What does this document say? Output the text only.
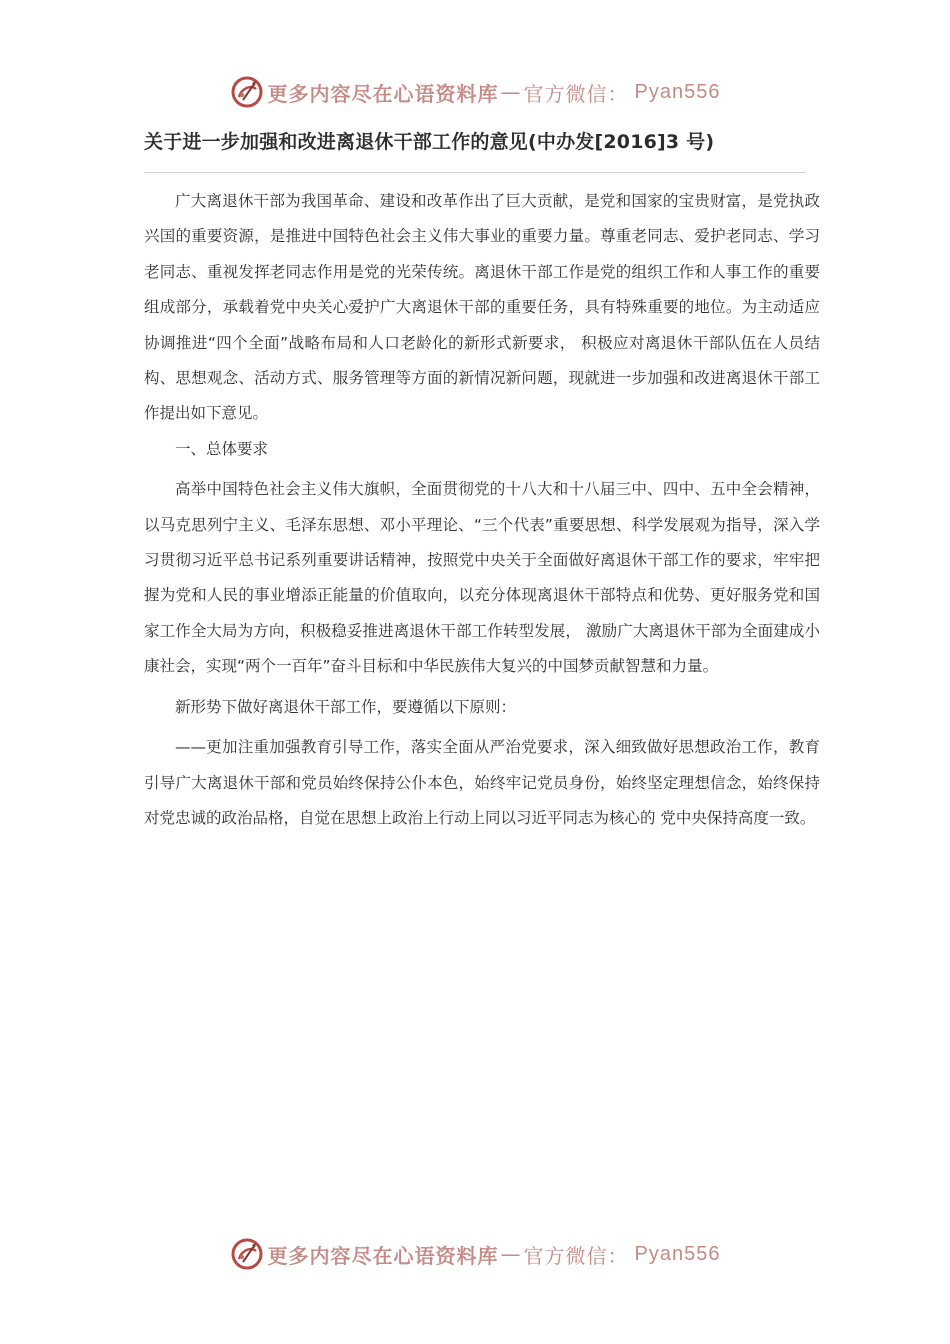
更多内容尽在心语资料库 — 官方微信： Pyan556
关于进一步加强和改进离退休干部工作的意见(中办发[2016]3 号)

广大离退休干部为我国革命、建设和改革作出了巨大贡献，是党和国家的宝贵财富，是党执政兴国的重要资源，是推进中国特色社会主义伟大事业的重要力量。尊重老同志、爱护老同志、学习老同志、重视发挥老同志作用是党的光荣传统。离退休干部工作是党的组织工作和人事工作的重要组成部分，承载着党中央关心爱护广大离退休干部的重要任务，具有特殊重要的地位。为主动适应协调推进“四个全面”战略布局和人口老龄化的新形式新要求， 积极应对离退休干部队伍在人员结构、思想观念、活动方式、服务管理等方面的新情况新问题，现就进一步加强和改进离退休干部工作提出如下意见。

一、总体要求

高举中国特色社会主义伟大旗帜，全面贯彻党的十八大和十八届三中、四中、五中全会精神，以马克思列宁主义、毛泽东思想、邓小平理论、“三个代表”重要思想、科学发展观为指导，深入学习贯彻习近平总书记系列重要讲话精神，按照党中央关于全面做好离退休干部工作的要求，牢牢把握为党和人民的事业增添正能量的价值取向，以充分体现离退休干部特点和优势、更好服务党和国家工作全大局为方向，积极稳妥推进离退休干部工作转型发展， 激励广大离退休干部为全面建成小康社会，实现“两个一百年”奋斗目标和中华民族伟大复兴的中国梦贡献智慧和力量。

新形势下做好离退休干部工作，要遵循以下原则：

——更加注重加强教育引导工作，落实全面从严治党要求，深入细致做好思想政治工作，教育引导广大离退休干部和党员始终保持公仆本色，始终牢记党员身份，始终坚定理想信念，始终保持对党忠诚的政治品格，自觉在思想上政治上行动上同以习近平同志为核心的 党中央保持高度一致。

更多内容尽在心语资料库 — 官方微信： Pyan556
